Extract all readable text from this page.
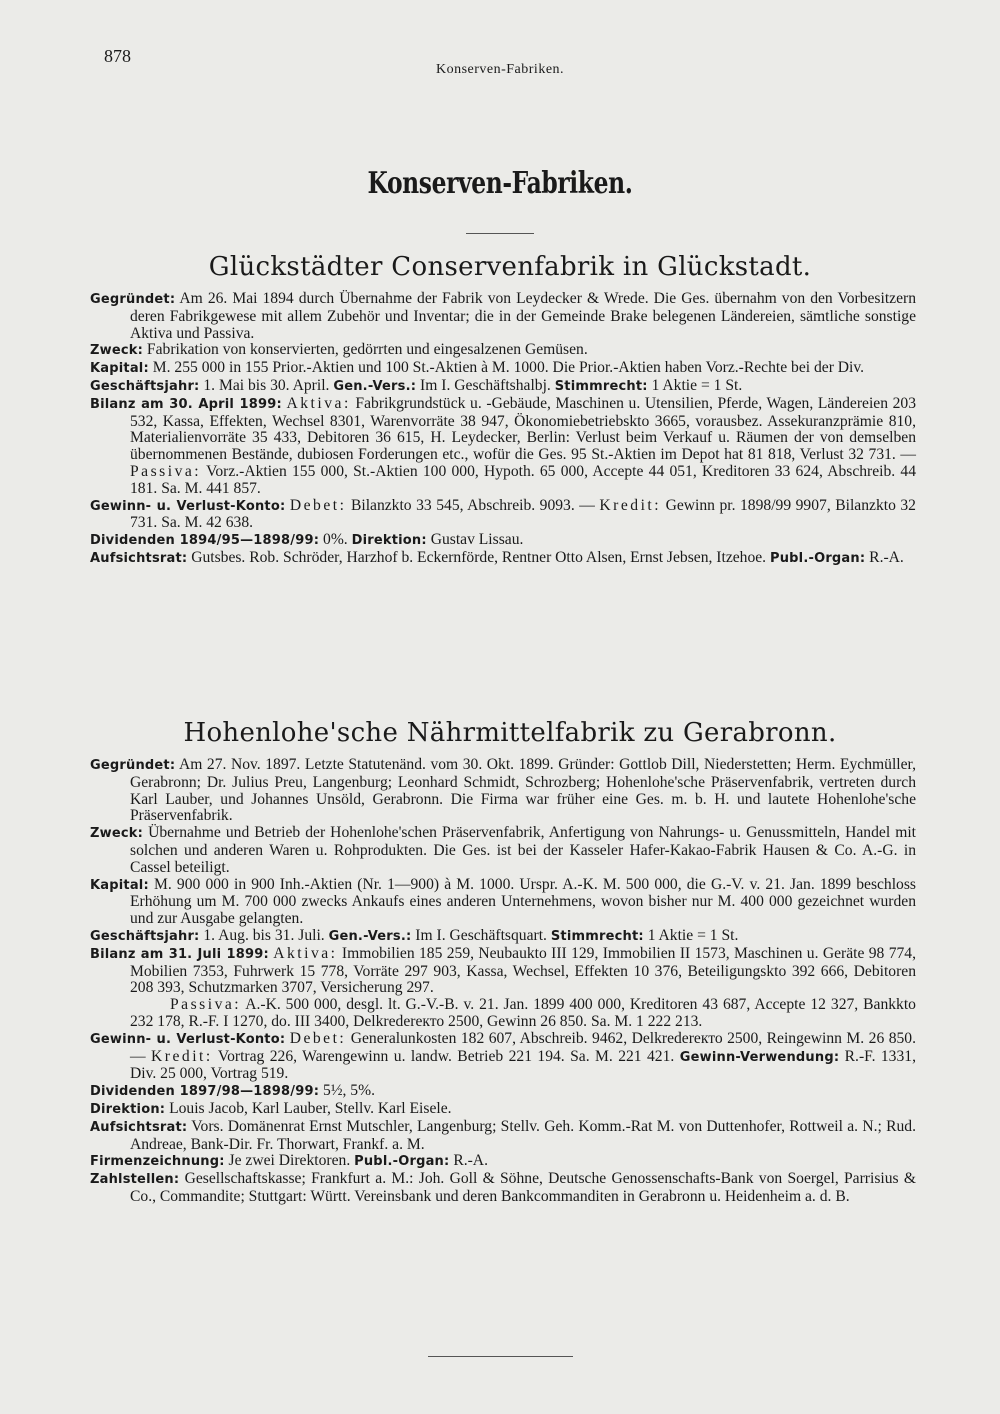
878
Konserven-Fabriken.
Konserven-Fabriken.
Glückstädter Conservenfabrik in Glückstadt.

Gegründet: Am 26. Mai 1894 durch Übernahme der Fabrik von Leydecker & Wrede. Die Ges. übernahm von den Vorbesitzern deren Fabrikgewese mit allem Zubehör und Inventar; die in der Gemeinde Brake belegenen Ländereien, sämtliche sonstige Aktiva und Passiva.

Zweck: Fabrikation von konservierten, gedörrten und eingesalzenen Gemüsen.

Kapital: M. 255 000 in 155 Prior.-Aktien und 100 St.-Aktien à M. 1000. Die Prior.-Aktien haben Vorz.-Rechte bei der Div.

Geschäftsjahr: 1. Mai bis 30. April. Gen.-Vers.: Im I. Geschäftshalbj. Stimmrecht: 1 Aktie = 1 St.

Bilanz am 30. April 1899: Aktiva: Fabrikgrundstück u. -Gebäude, Maschinen u. Utensilien, Pferde, Wagen, Ländereien 203 532, Kassa, Effekten, Wechsel 8301, Warenvorräte 38 947, Ökonomiebetriebskto 3665, vorausbez. Assekuranzprämie 810, Materialienvorräte 35 433, Debitoren 36 615, H. Leydecker, Berlin: Verlust beim Verkauf u. Räumen der von demselben übernommenen Bestände, dubiosen Forderungen etc., wofür die Ges. 95 St.-Aktien im Depot hat 81 818, Verlust 32 731. — Passiva: Vorz.-Aktien 155 000, St.-Aktien 100 000, Hypoth. 65 000, Accepte 44 051, Kreditoren 33 624, Abschreib. 44 181. Sa. M. 441 857.

Gewinn- u. Verlust-Konto: Debet: Bilanzkto 33 545, Abschreib. 9093. — Kredit: Gewinn pr. 1898/99 9907, Bilanzkto 32 731. Sa. M. 42 638.

Dividenden 1894/95—1898/99: 0%. Direktion: Gustav Lissau.

Aufsichtsrat: Gutsbes. Rob. Schröder, Harzhof b. Eckernförde, Rentner Otto Alsen, Ernst Jebsen, Itzehoe. Publ.-Organ: R.-A.

Hohenlohe'sche Nährmittelfabrik zu Gerabronn.

Gegründet: Am 27. Nov. 1897. Letzte Statutenänd. vom 30. Okt. 1899. Gründer: Gottlob Dill, Niederstetten; Herm. Eychmüller, Gerabronn; Dr. Julius Preu, Langenburg; Leonhard Schmidt, Schrozberg; Hohenlohe'sche Präservenfabrik, vertreten durch Karl Lauber, und Johannes Unsöld, Gerabronn. Die Firma war früher eine Ges. m. b. H. und lautete Hohenlohe'sche Präservenfabrik.

Zweck: Übernahme und Betrieb der Hohenlohe'schen Präservenfabrik, Anfertigung von Nahrungs- u. Genussmitteln, Handel mit solchen und anderen Waren u. Rohprodukten. Die Ges. ist bei der Kasseler Hafer-Kakao-Fabrik Hausen & Co. A.-G. in Cassel beteiligt.

Kapital: M. 900 000 in 900 Inh.-Aktien (Nr. 1—900) à M. 1000. Urspr. A.-K. M. 500 000, die G.-V. v. 21. Jan. 1899 beschloss Erhöhung um M. 700 000 zwecks Ankaufs eines anderen Unternehmens, wovon bisher nur M. 400 000 gezeichnet wurden und zur Ausgabe gelangten.

Geschäftsjahr: 1. Aug. bis 31. Juli. Gen.-Vers.: Im I. Geschäftsquart. Stimmrecht: 1 Aktie = 1 St.

Bilanz am 31. Juli 1899: Aktiva: Immobilien 185 259, Neubaukto III 129, Immobilien II 1573, Maschinen u. Geräte 98 774, Mobilien 7353, Fuhrwerk 15 778, Vorräte 297 903, Kassa, Wechsel, Effekten 10 376, Beteiligungskto 392 666, Debitoren 208 393, Schutzmarken 3707, Versicherung 297.

Passiva: A.-K. 500 000, desgl. lt. G.-V.-B. v. 21. Jan. 1899 400 000, Kreditoren 43 687, Accepte 12 327, Bankkto 232 178, R.-F. I 1270, do. III 3400, Delkredereкто 2500, Gewinn 26 850. Sa. M. 1 222 213.

Gewinn- u. Verlust-Konto: Debet: Generalunkosten 182 607, Abschreib. 9462, Delkredereкто 2500, Reingewinn M. 26 850. — Kredit: Vortrag 226, Warengewinn u. landw. Betrieb 221 194. Sa. M. 221 421. Gewinn-Verwendung: R.-F. 1331, Div. 25 000, Vortrag 519.

Dividenden 1897/98—1898/99: 5½, 5%.

Direktion: Louis Jacob, Karl Lauber, Stellv. Karl Eisele.

Aufsichtsrat: Vors. Domänenrat Ernst Mutschler, Langenburg; Stellv. Geh. Komm.-Rat M. von Duttenhofer, Rottweil a. N.; Rud. Andreae, Bank-Dir. Fr. Thorwart, Frankf. a. M.

Firmenzeichnung: Je zwei Direktoren. Publ.-Organ: R.-A.

Zahlstellen: Gesellschaftskasse; Frankfurt a. M.: Joh. Goll & Söhne, Deutsche Genossenschafts-Bank von Soergel, Parrisius & Co., Commandite; Stuttgart: Württ. Vereinsbank und deren Bankcommanditen in Gerabronn u. Heidenheim a. d. B.
